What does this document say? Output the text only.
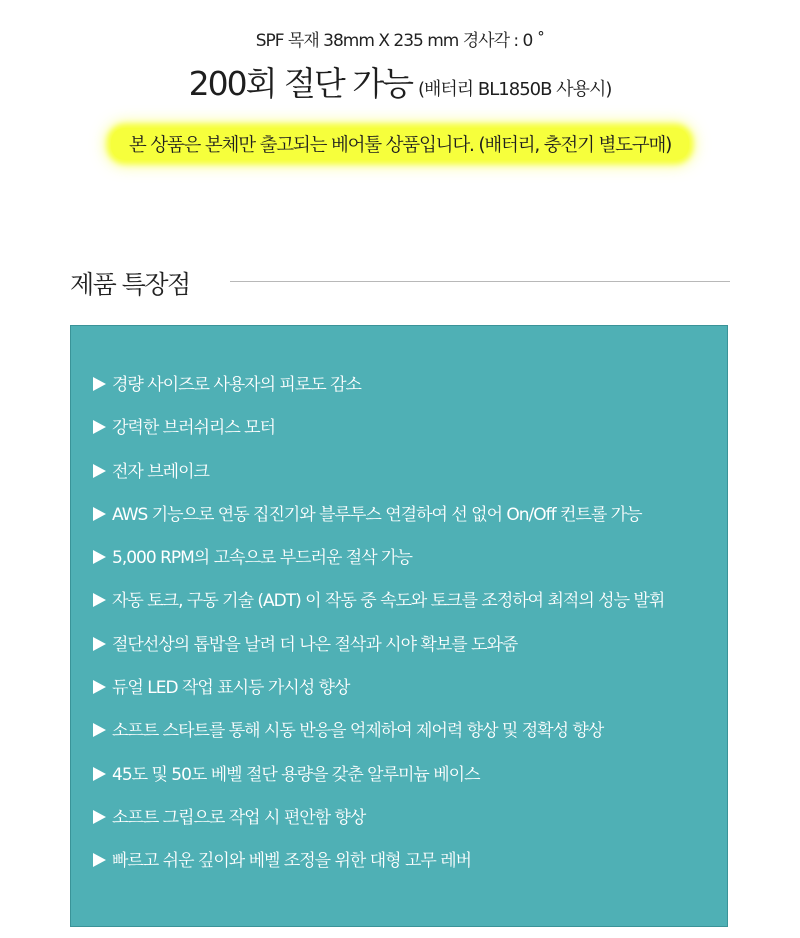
SPF 목재 38mm X 235 mm 경사각 : 0 ˚
200회 절단 가능 (배터리 BL1850B 사용시)
본 상품은 본체만 출고되는 베어툴 상품입니다. (배터리, 충전기 별도구매)
제품 특장점
경량 사이즈로 사용자의 피로도 감소
강력한 브러쉬리스 모터
전자 브레이크
AWS 기능으로 연동 집진기와 블루투스 연결하여 선 없어 On/Off 컨트롤 가능
5,000 RPM의 고속으로 부드러운 절삭 가능
자동 토크, 구동 기술 (ADT) 이 작동 중 속도와 토크를 조정하여 최적의 성능 발휘
절단선상의 톱밥을 날려 더 나은 절삭과 시야 확보를 도와줌
듀얼 LED 작업 표시등 가시성 향상
소프트 스타트를 통해 시동 반응을 억제하여 제어력 향상 및 정확성 향상
45도 및 50도 베벨 절단 용량을 갖춘 알루미늄 베이스
소프트 그립으로 작업 시 편안함 향상
빠르고 쉬운 깊이와 베벨 조정을 위한 대형 고무 레버
